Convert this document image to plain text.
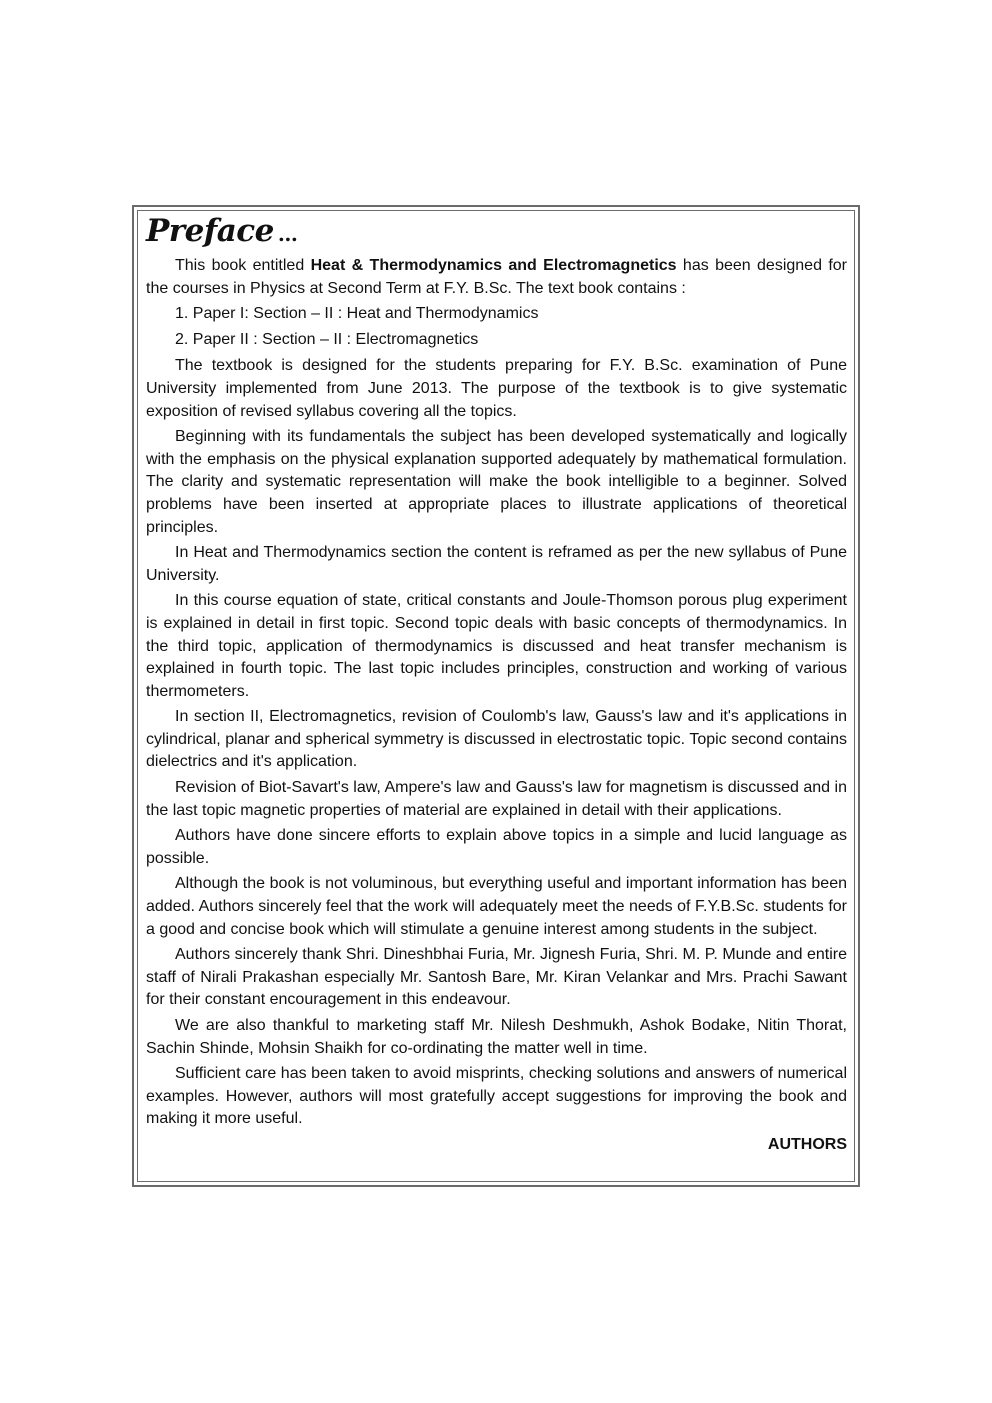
Preface ...

This book entitled Heat & Thermodynamics and Electromagnetics has been designed for the courses in Physics at Second Term at F.Y. B.Sc. The text book contains :

1. Paper I: Section – II : Heat and Thermodynamics

2. Paper II : Section – II : Electromagnetics

The textbook is designed for the students preparing for F.Y. B.Sc. examination of Pune University implemented from June 2013. The purpose of the textbook is to give systematic exposition of revised syllabus covering all the topics.

Beginning with its fundamentals the subject has been developed systematically and logically with the emphasis on the physical explanation supported adequately by mathematical formulation. The clarity and systematic representation will make the book intelligible to a beginner. Solved problems have been inserted at appropriate places to illustrate applications of theoretical principles.

In Heat and Thermodynamics section the content is reframed as per the new syllabus of Pune University.

In this course equation of state, critical constants and Joule-Thomson porous plug experiment is explained in detail in first topic. Second topic deals with basic concepts of thermodynamics. In the third topic, application of thermodynamics is discussed and heat transfer mechanism is explained in fourth topic. The last topic includes principles, construction and working of various thermometers.

In section II, Electromagnetics, revision of Coulomb's law, Gauss's law and it's applications in cylindrical, planar and spherical symmetry is discussed in electrostatic topic. Topic second contains dielectrics and it's application.

Revision of Biot-Savart's law, Ampere's law and Gauss's law for magnetism is discussed and in the last topic magnetic properties of material are explained in detail with their applications.

Authors have done sincere efforts to explain above topics in a simple and lucid language as possible.

Although the book is not voluminous, but everything useful and important information has been added. Authors sincerely feel that the work will adequately meet the needs of F.Y.B.Sc. students for a good and concise book which will stimulate a genuine interest among students in the subject.

Authors sincerely thank Shri. Dineshbhai Furia, Mr. Jignesh Furia, Shri. M. P. Munde and entire staff of Nirali Prakashan especially Mr. Santosh Bare, Mr. Kiran Velankar and Mrs. Prachi Sawant for their constant encouragement in this endeavour.

We are also thankful to marketing staff Mr. Nilesh Deshmukh, Ashok Bodake, Nitin Thorat, Sachin Shinde, Mohsin Shaikh for co-ordinating the matter well in time.

Sufficient care has been taken to avoid misprints, checking solutions and answers of numerical examples. However, authors will most gratefully accept suggestions for improving the book and making it more useful.

AUTHORS
